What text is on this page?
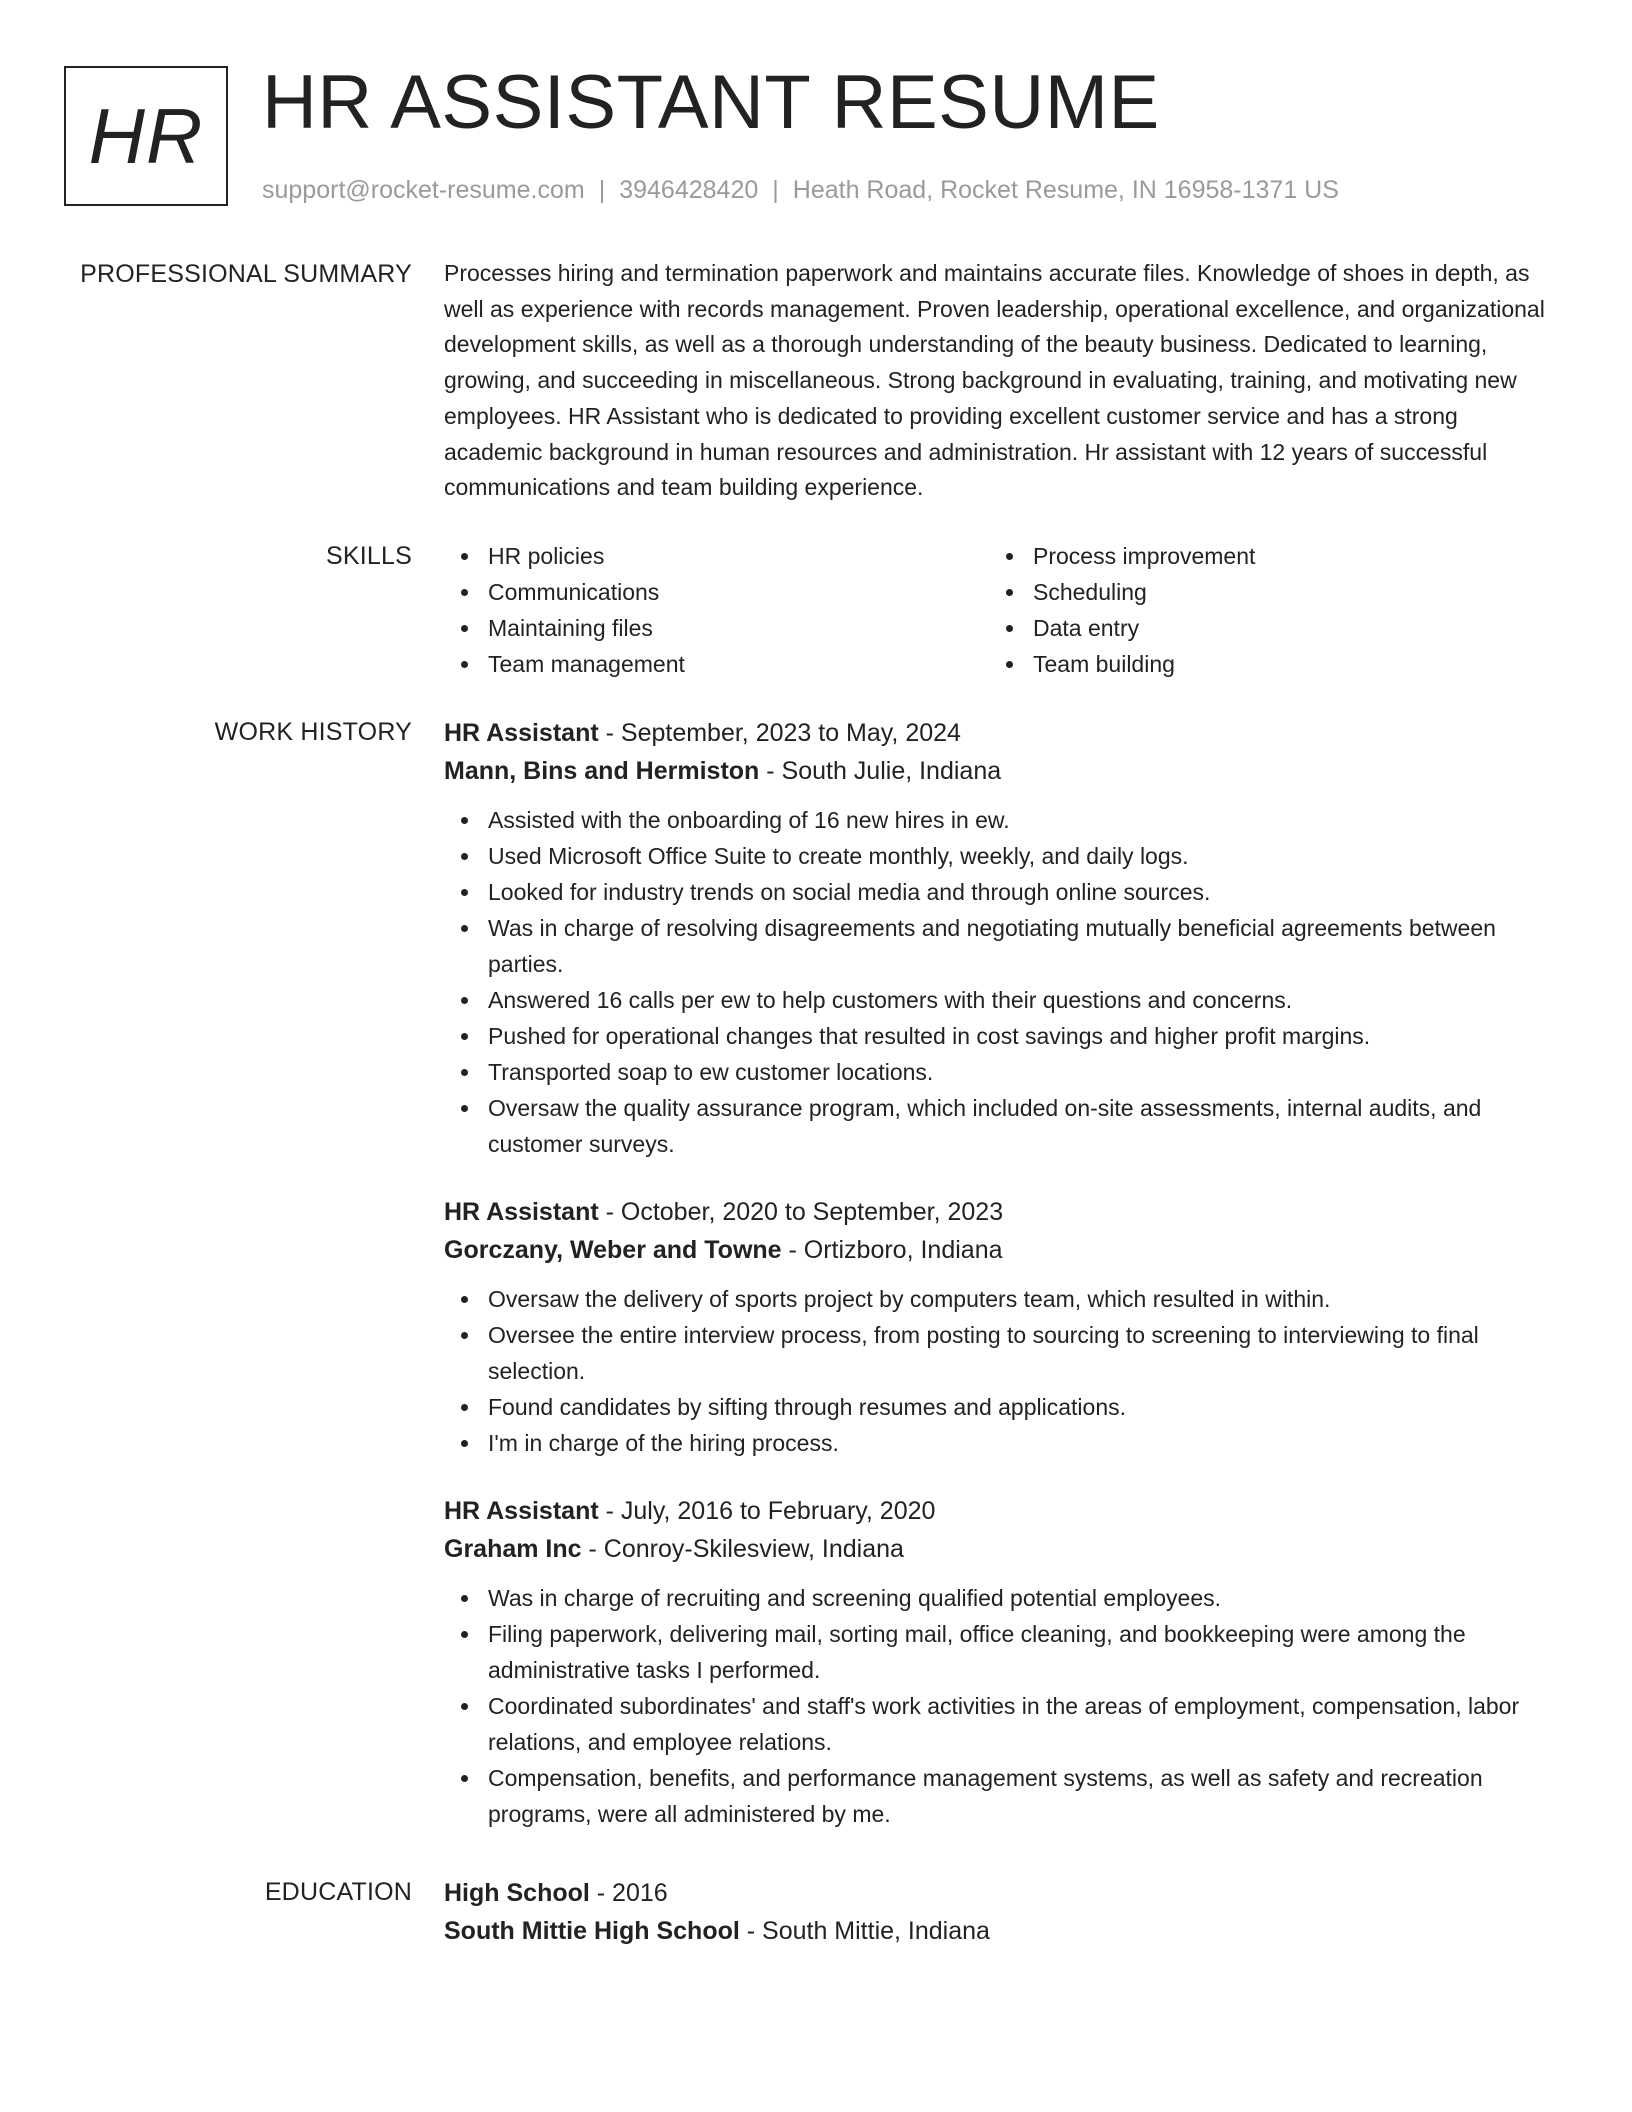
HR HR ASSISTANT RESUME
support@rocket-resume.com | 3946428420 | Heath Road, Rocket Resume, IN 16958-1371 US
PROFESSIONAL SUMMARY Processes hiring and termination paperwork and maintains accurate files. Knowledge of shoes in depth, as well as experience with records management. Proven leadership, operational excellence, and organizational development skills, as well as a thorough understanding of the beauty business. Dedicated to learning, growing, and succeeding in miscellaneous. Strong background in evaluating, training, and motivating new employees. HR Assistant who is dedicated to providing excellent customer service and has a strong academic background in human resources and administration. Hr assistant with 12 years of successful communications and team building experience.

SKILLS	HR policies
Communications
Maintaining files
Team management
Process improvement
Scheduling
Data entry
Team building
WORK HISTORY HR Assistant - September, 2023 to May, 2024
Mann, Bins and Hermiston - South Julie, Indiana
Assisted with the onboarding of 16 new hires in ew.
Used Microsoft Office Suite to create monthly, weekly, and daily logs.
Looked for industry trends on social media and through online sources.
Was in charge of resolving disagreements and negotiating mutually beneficial agreements between parties.
Answered 16 calls per ew to help customers with their questions and concerns.
Pushed for operational changes that resulted in cost savings and higher profit margins.
Transported soap to ew customer locations.
Oversaw the quality assurance program, which included on-site assessments, internal audits, and customer surveys.
HR Assistant - October, 2020 to September, 2023
Gorczany, Weber and Towne - Ortizboro, Indiana
Oversaw the delivery of sports project by computers team, which resulted in within.
Oversee the entire interview process, from posting to sourcing to screening to interviewing to final selection.
Found candidates by sifting through resumes and applications.
I'm in charge of the hiring process.
HR Assistant - July, 2016 to February, 2020
Graham Inc - Conroy-Skilesview, Indiana
Was in charge of recruiting and screening qualified potential employees.
Filing paperwork, delivering mail, sorting mail, office cleaning, and bookkeeping were among the administrative tasks I performed.
Coordinated subordinates' and staff's work activities in the areas of employment, compensation, labor relations, and employee relations.
Compensation, benefits, and performance management systems, as well as safety and recreation programs, were all administered by me.
EDUCATION High School - 2016
South Mittie High School - South Mittie, Indiana
